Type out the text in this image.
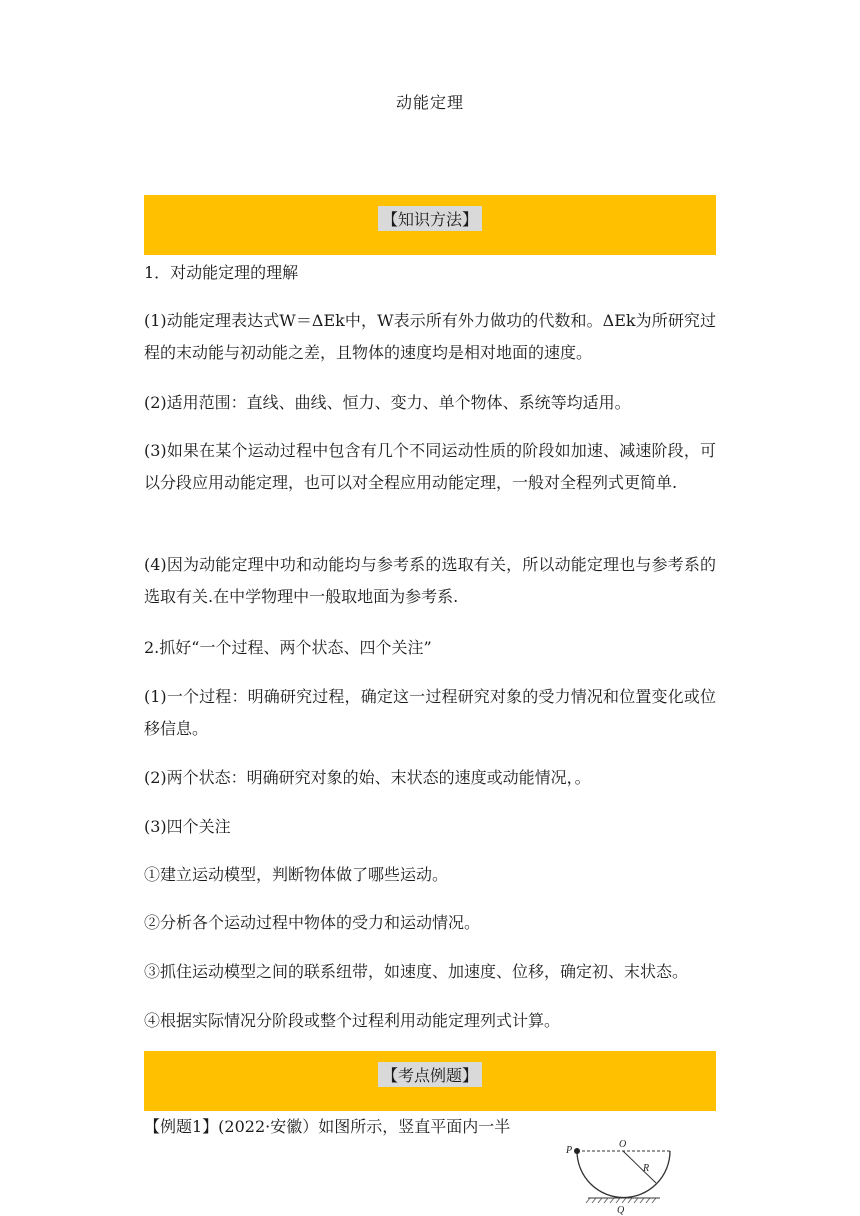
动能定理
【知识方法】

1．对动能定理的理解

(1)动能定理表达式W＝ΔEk中，W表示所有外力做功的代数和。ΔEk为所研究过程的末动能与初动能之差，且物体的速度均是相对地面的速度。

(2)适用范围：直线、曲线、恒力、变力、单个物体、系统等均适用。

(3)如果在某个运动过程中包含有几个不同运动性质的阶段如加速、减速阶段，可以分段应用动能定理，也可以对全程应用动能定理，一般对全程列式更简单.

(4)因为动能定理中功和动能均与参考系的选取有关，所以动能定理也与参考系的选取有关.在中学物理中一般取地面为参考系.

2.抓好“一个过程、两个状态、四个关注”

(1)一个过程：明确研究过程，确定这一过程研究对象的受力情况和位置变化或位移信息。

(2)两个状态：明确研究对象的始、末状态的速度或动能情况，。

(3)四个关注

①建立运动模型，判断物体做了哪些运动。

②分析各个运动过程中物体的受力和运动情况。

③抓住运动模型之间的联系纽带，如速度、加速度、位移，确定初、末状态。

④根据实际情况分阶段或整个过程利用动能定理列式计算。

【考点例题】

【例题1】(2022·安徽）如图所示，竖直平面内一半

P
O
R
Q
